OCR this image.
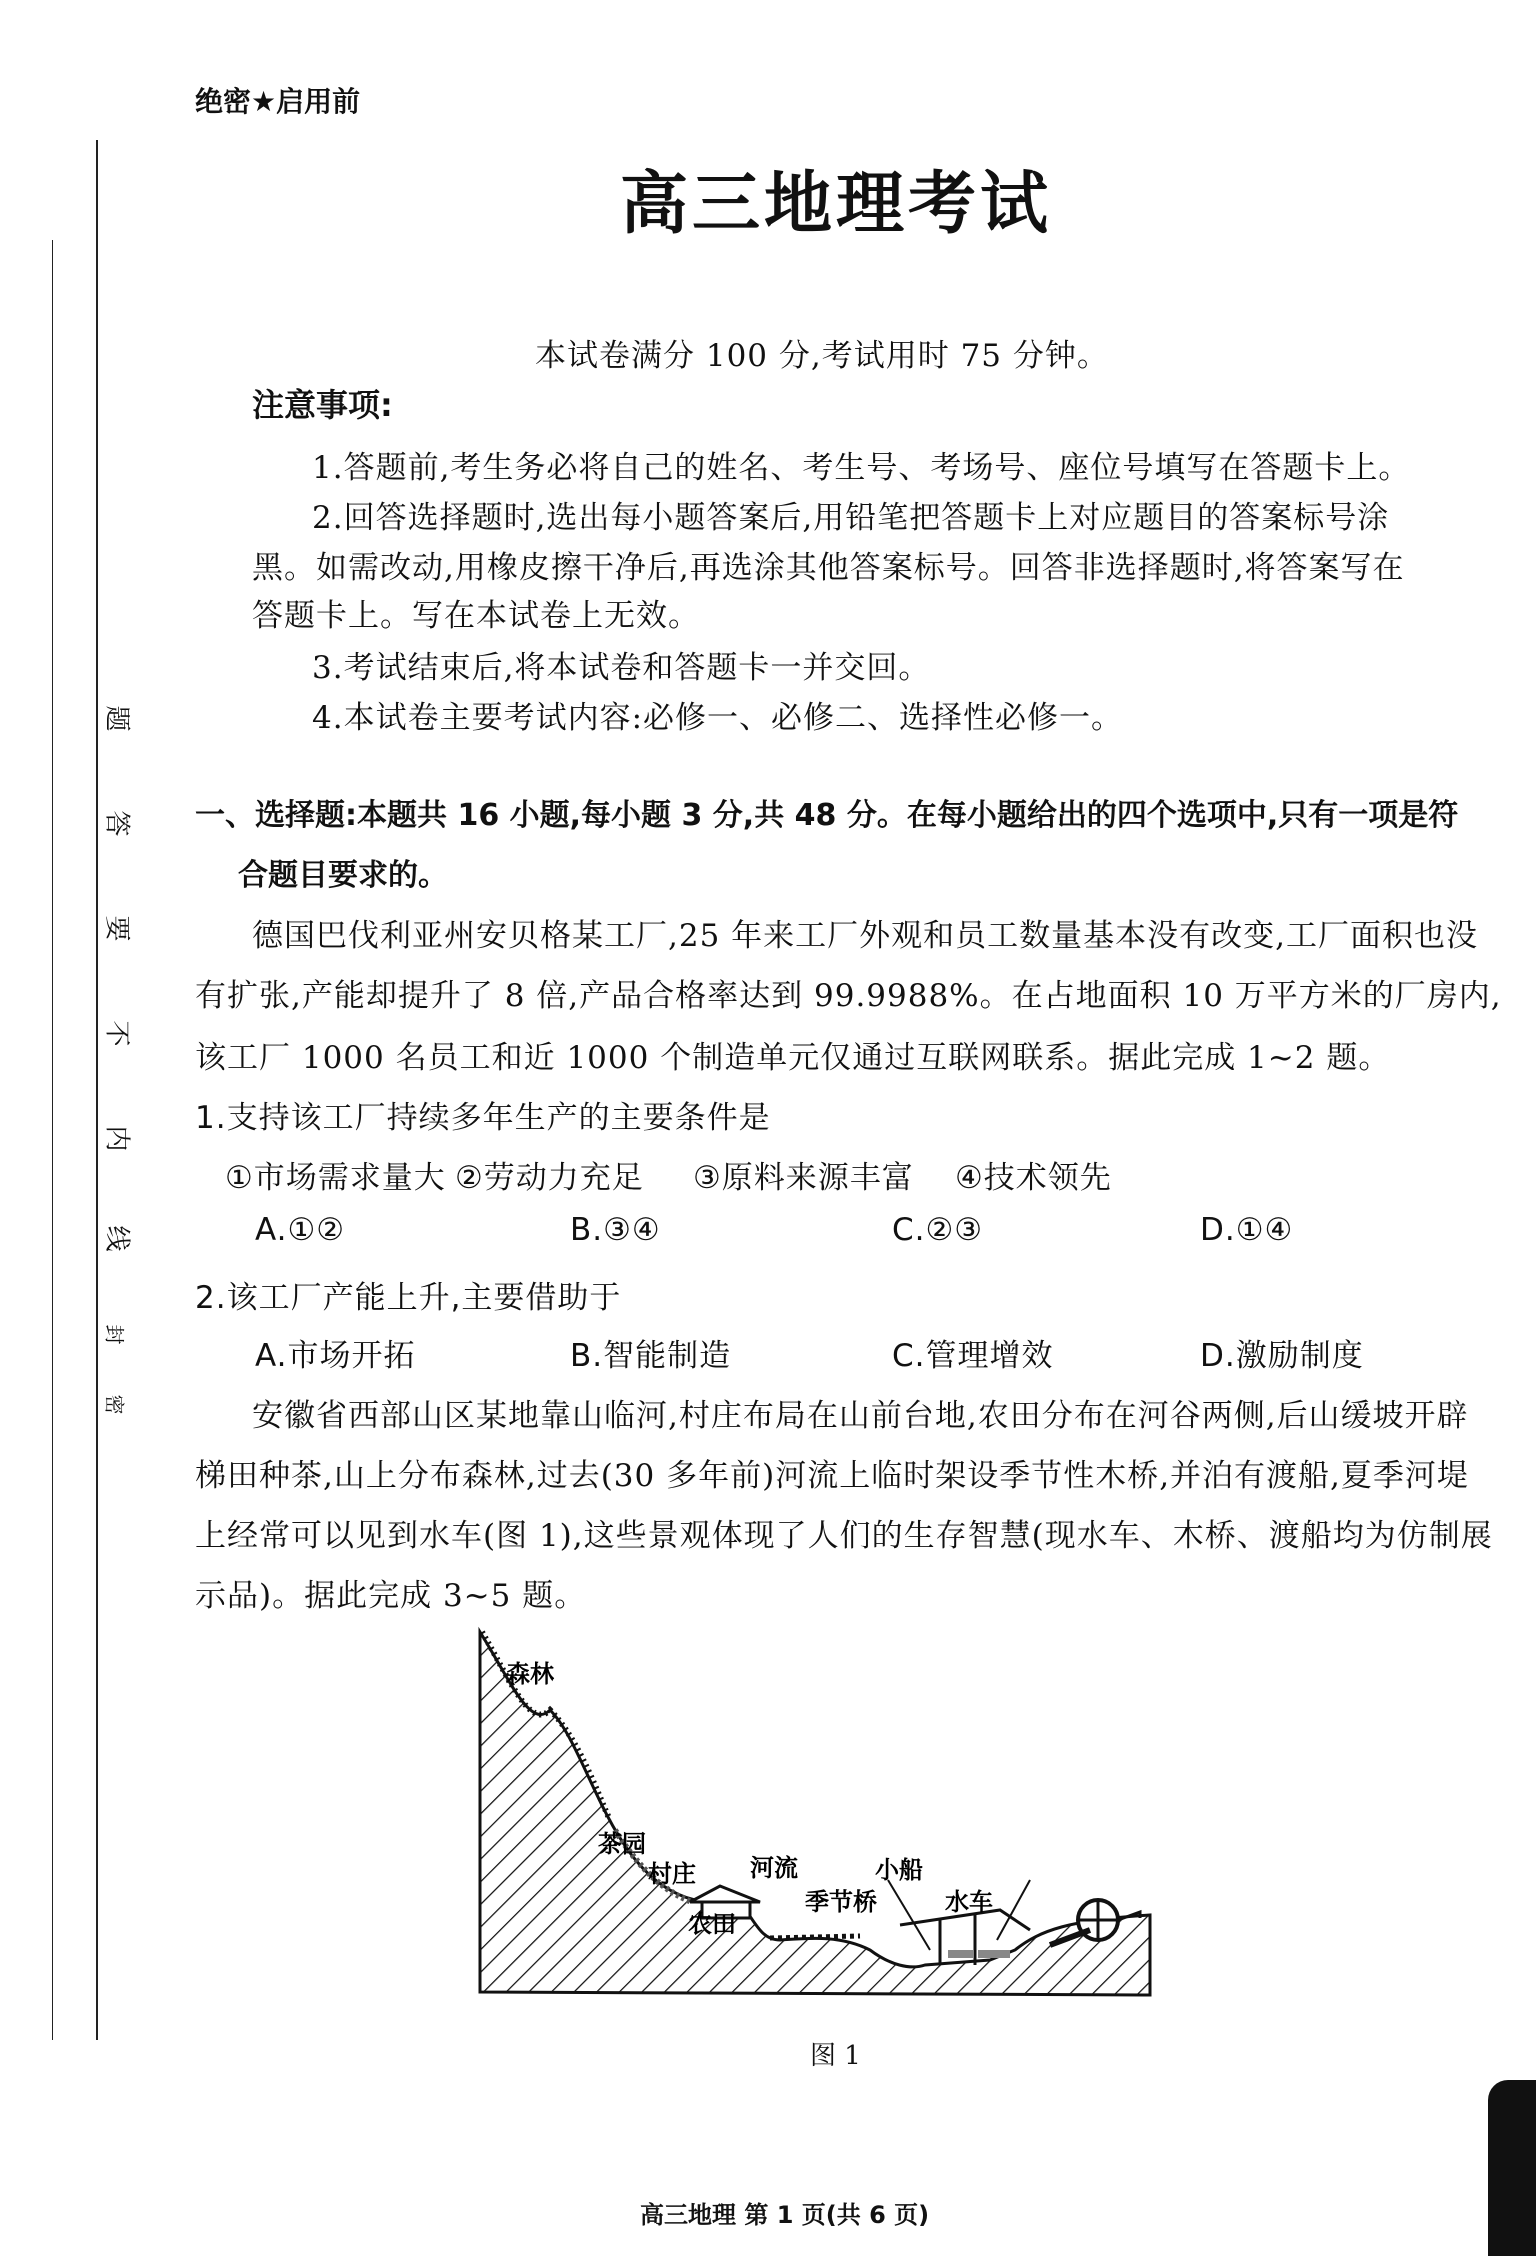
题
答
要
不
内
线
封
密
绝密★启用前
高三地理考试
本试卷满分 100 分,考试用时 75 分钟。
注意事项:
1.答题前,考生务必将自己的姓名、考生号、考场号、座位号填写在答题卡上。
2.回答选择题时,选出每小题答案后,用铅笔把答题卡上对应题目的答案标号涂
黑。如需改动,用橡皮擦干净后,再选涂其他答案标号。回答非选择题时,将答案写在
答题卡上。写在本试卷上无效。
3.考试结束后,将本试卷和答题卡一并交回。
4.本试卷主要考试内容:必修一、必修二、选择性必修一。
一、选择题:本题共 16 小题,每小题 3 分,共 48 分。在每小题给出的四个选项中,只有一项是符
合题目要求的。
德国巴伐利亚州安贝格某工厂,25 年来工厂外观和员工数量基本没有改变,工厂面积也没
有扩张,产能却提升了 8 倍,产品合格率达到 99.9988%。在占地面积 10 万平方米的厂房内,
该工厂 1000 名员工和近 1000 个制造单元仅通过互联网联系。据此完成 1~2 题。
1.支持该工厂持续多年生产的主要条件是
①市场需求量大 ②劳动力充足 ③原料来源丰富 ④技术领先
A.①②	B.③④	C.②③	D.①④
2.该工厂产能上升,主要借助于
A.市场开拓	B.智能制造	C.管理增效	D.激励制度
安徽省西部山区某地靠山临河,村庄布局在山前台地,农田分布在河谷两侧,后山缓坡开辟
梯田种茶,山上分布森林,过去(30 多年前)河流上临时架设季节性木桥,并泊有渡船,夏季河堤
上经常可以见到水车(图 1),这些景观体现了人们的生存智慧(现水车、木桥、渡船均为仿制展
示品)。据此完成 3~5 题。
森林
茶园
村庄
农田
河流
季节桥
小船
水车
图 1
高三地理 第 1 页(共 6 页)
